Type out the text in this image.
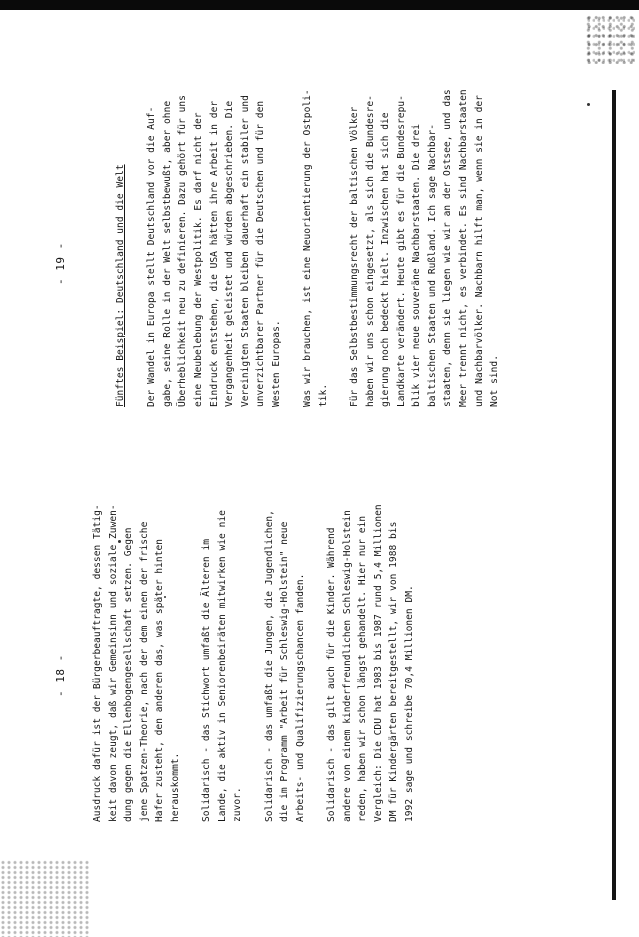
- 18 -	Ausdruck dafür ist der Bürgerbeauftragte, dessen Tätig- keit davon zeugt, daß wir Gemeinsinn und soziale Zuwen- dung gegen die Ellenbogengesellschaft setzen. Gegen jene Spatzen-Theorie, nach der dem einen der frische Hafer zusteht, den anderen das, was später hinten herauskommt. Solidarisch - das Stichwort umfaßt die Älteren im Lande, die aktiv in Seniorenbeiräten mitwirken wie nie zuvor. Solidarisch - das umfaßt die Jungen, die Jugendlichen, die im Programm "Arbeit für Schleswig-Holstein" neue Arbeits- und Qualifizierungschancen fanden. Solidarisch - das gilt auch für die Kinder. Während andere von einem kinderfreundlichen Schleswig-Holstein reden, haben wir schon längst gehandelt. Hier nur ein Vergleich: Die CDU hat 1983 bis 1987 rund 5,4 Millionen DM für Kindergärten bereitgestellt, wir von 1988 bis 1992 sage und schreibe 70,4 Millionen DM.

- 19 -	Fünftes Beispiel: Deutschland und die Welt Der Wandel in Europa stellt Deutschland vor die Auf- gabe, seine Rolle in der Welt selbstbewußt, aber ohne Überheblichkeit neu zu definieren. Dazu gehört für uns eine Neubelebung der Westpolitik. Es darf nicht der Eindruck entstehen, die USA hätten ihre Arbeit in der Vergangenheit geleistet und würden abgeschrieben. Die Vereinigten Staaten bleiben dauerhaft ein stabiler und unverzichtbarer Partner für die Deutschen und für den Westen Europas. Was wir brauchen, ist eine Neuorientierung der Ostpoli- tik. Für das Selbstbestimmungsrecht der baltischen Völker haben wir uns schon eingesetzt, als sich die Bundesre- gierung noch bedeckt hielt. Inzwischen hat sich die Landkarte verändert. Heute gibt es für die Bundesrepu- blik vier neue souveräne Nachbarstaaten. Die drei baltischen Staaten und Rußland. Ich sage Nachbar- staaten, denn sie liegen wie wir an der Ostsee, und das Meer trennt nicht, es verbindet. Es sind Nachbarstaaten und Nachbarvölker. Nachbarn hilft man, wenn sie in der Not sind.
